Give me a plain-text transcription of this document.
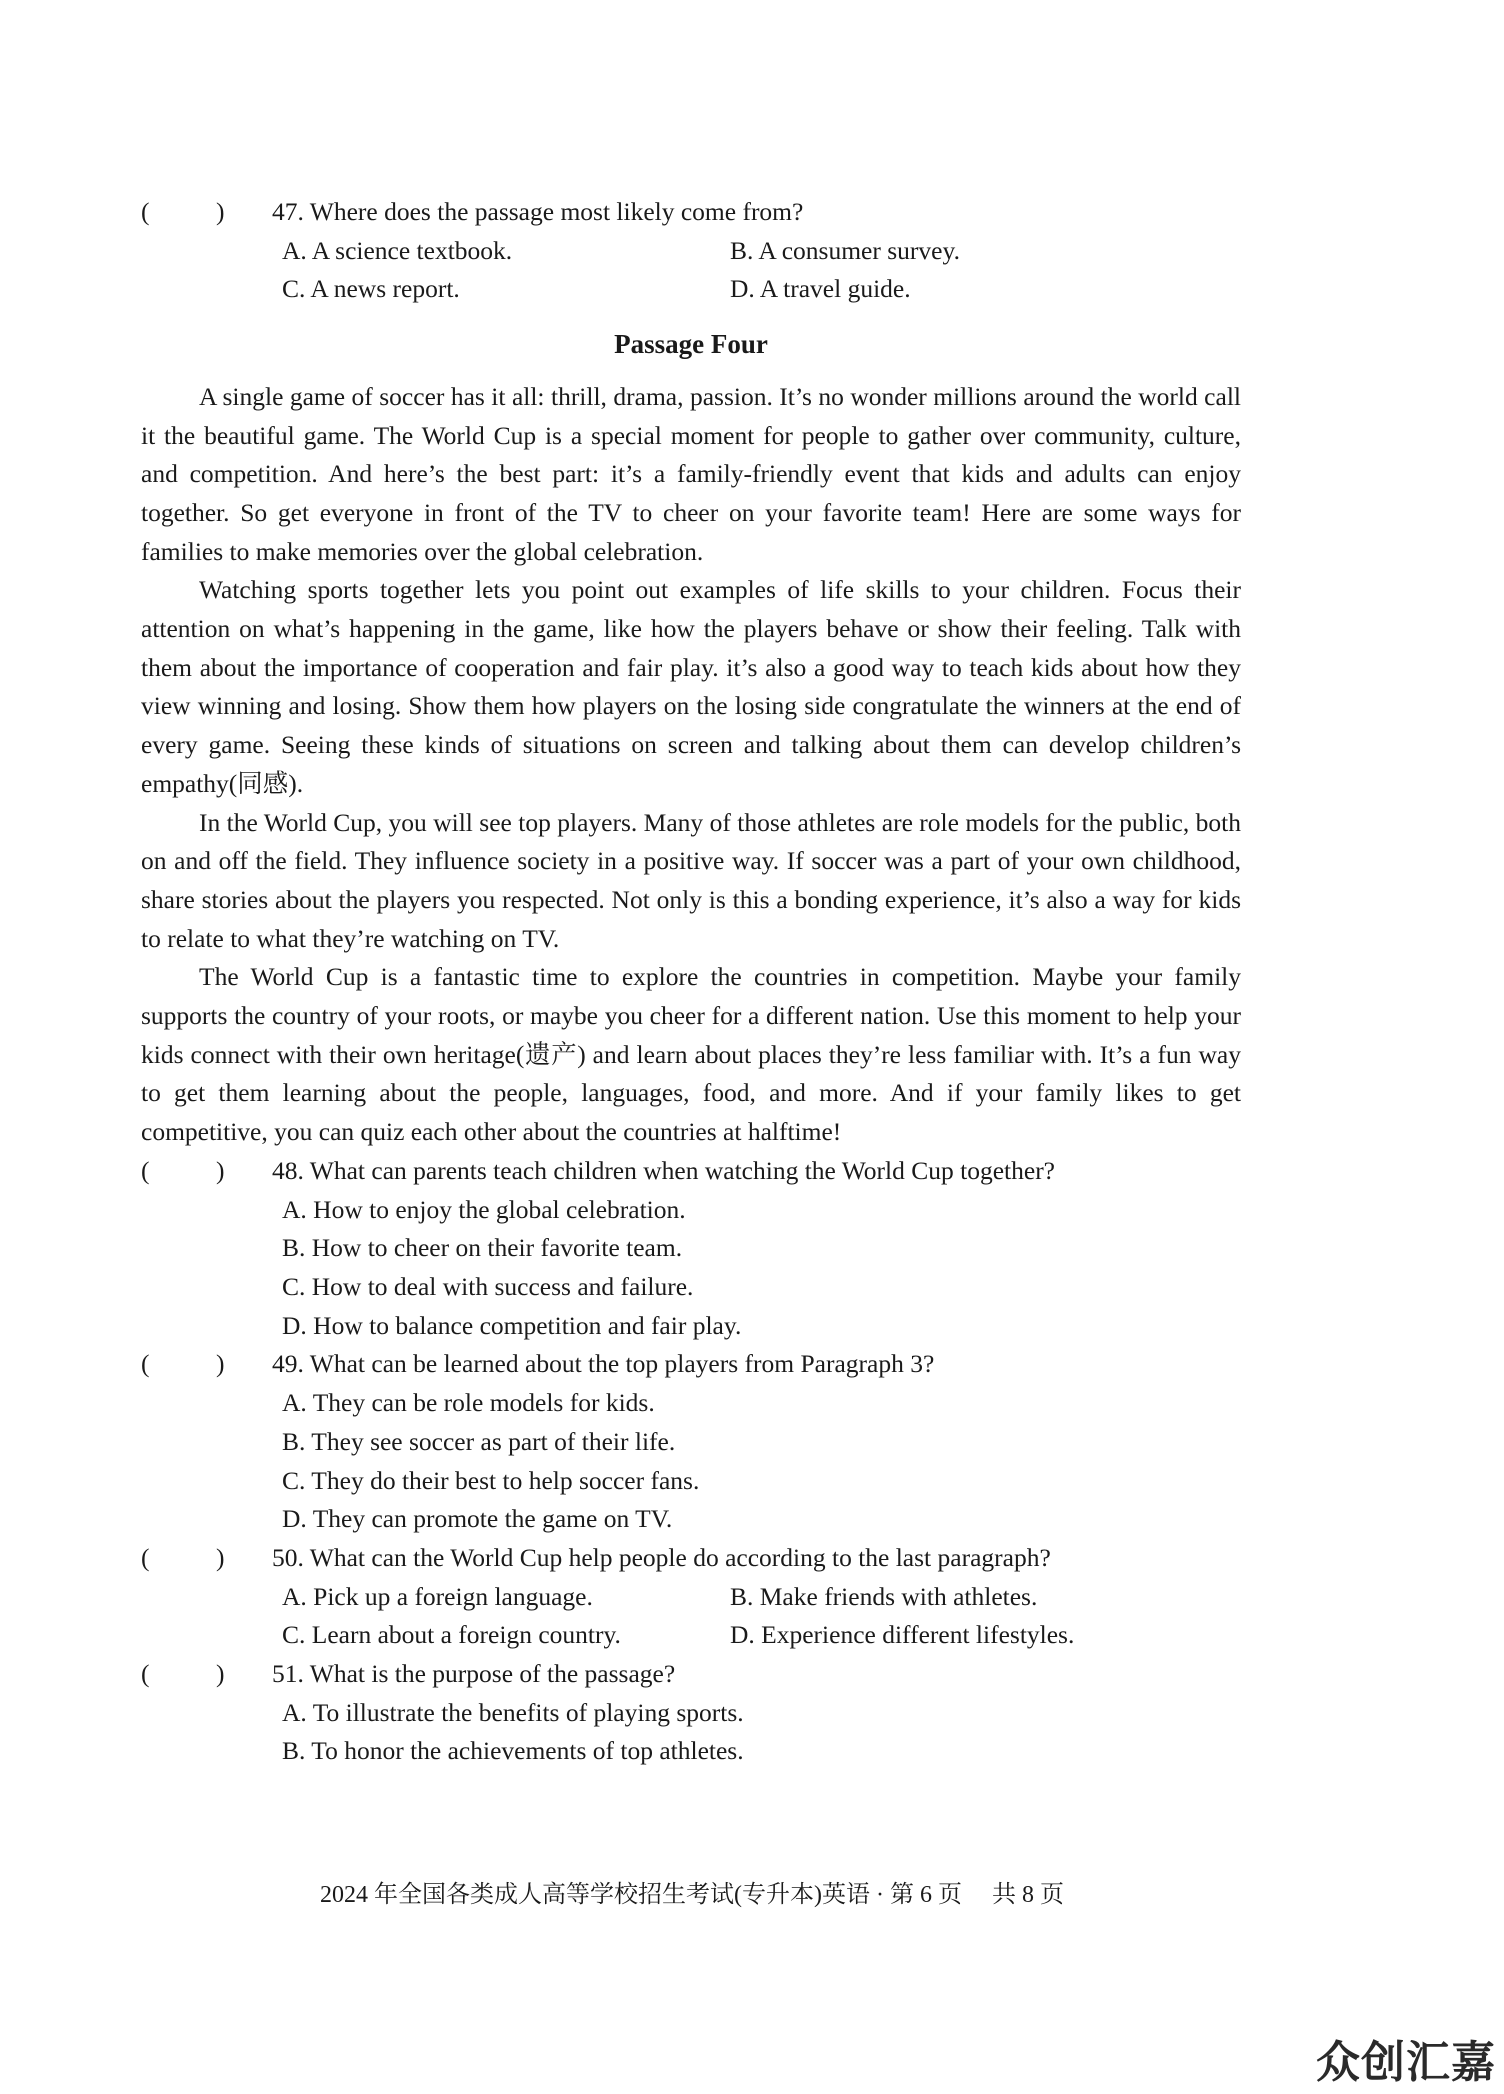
(	) 47. Where does the passage most likely come from?
A. A science textbook.	B. A consumer survey.
C. A news report.	D. A travel guide.
Passage Four

A single game of soccer has it all: thrill, drama, passion. It’s no wonder millions around the world call it the beautiful game. The World Cup is a special moment for people to gather over community, culture, and competition. And here’s the best part: it’s a family-friendly event that kids and adults can enjoy together. So get everyone in front of the TV to cheer on your favorite team! Here are some ways for families to make memories over the global celebration.

Watching sports together lets you point out examples of life skills to your children. Focus their attention on what’s happening in the game, like how the players behave or show their feeling. Talk with them about the importance of cooperation and fair play. it’s also a good way to teach kids about how they view winning and losing. Show them how players on the losing side congratulate the winners at the end of every game. Seeing these kinds of situations on screen and talking about them can develop children’s empathy(同感).

In the World Cup, you will see top players. Many of those athletes are role models for the public, both on and off the field. They influence society in a positive way. If soccer was a part of your own childhood, share stories about the players you respected. Not only is this a bonding experience, it’s also a way for kids to relate to what they’re watching on TV.

The World Cup is a fantastic time to explore the countries in competition. Maybe your family supports the country of your roots, or maybe you cheer for a different nation. Use this moment to help your kids connect with their own heritage(遗产) and learn about places they’re less familiar with. It’s a fun way to get them learning about the people, languages, food, and more. And if your family likes to get competitive, you can quiz each other about the countries at halftime!

(	) 48. What can parents teach children when watching the World Cup together?
A. How to enjoy the global celebration.
B. How to cheer on their favorite team.
C. How to deal with success and failure.
D. How to balance competition and fair play.
(	) 49. What can be learned about the top players from Paragraph 3?
A. They can be role models for kids.
B. They see soccer as part of their life.
C. They do their best to help soccer fans.
D. They can promote the game on TV.
(	) 50. What can the World Cup help people do according to the last paragraph?
A. Pick up a foreign language.	B. Make friends with athletes.
C. Learn about a foreign country.	D. Experience different lifestyles.
(	) 51. What is the purpose of the passage?
A. To illustrate the benefits of playing sports.
B. To honor the achievements of top athletes.
2024 年全国各类成人高等学校招生考试(专升本)英语 · 第 6 页　 共 8 页
众创汇嘉
